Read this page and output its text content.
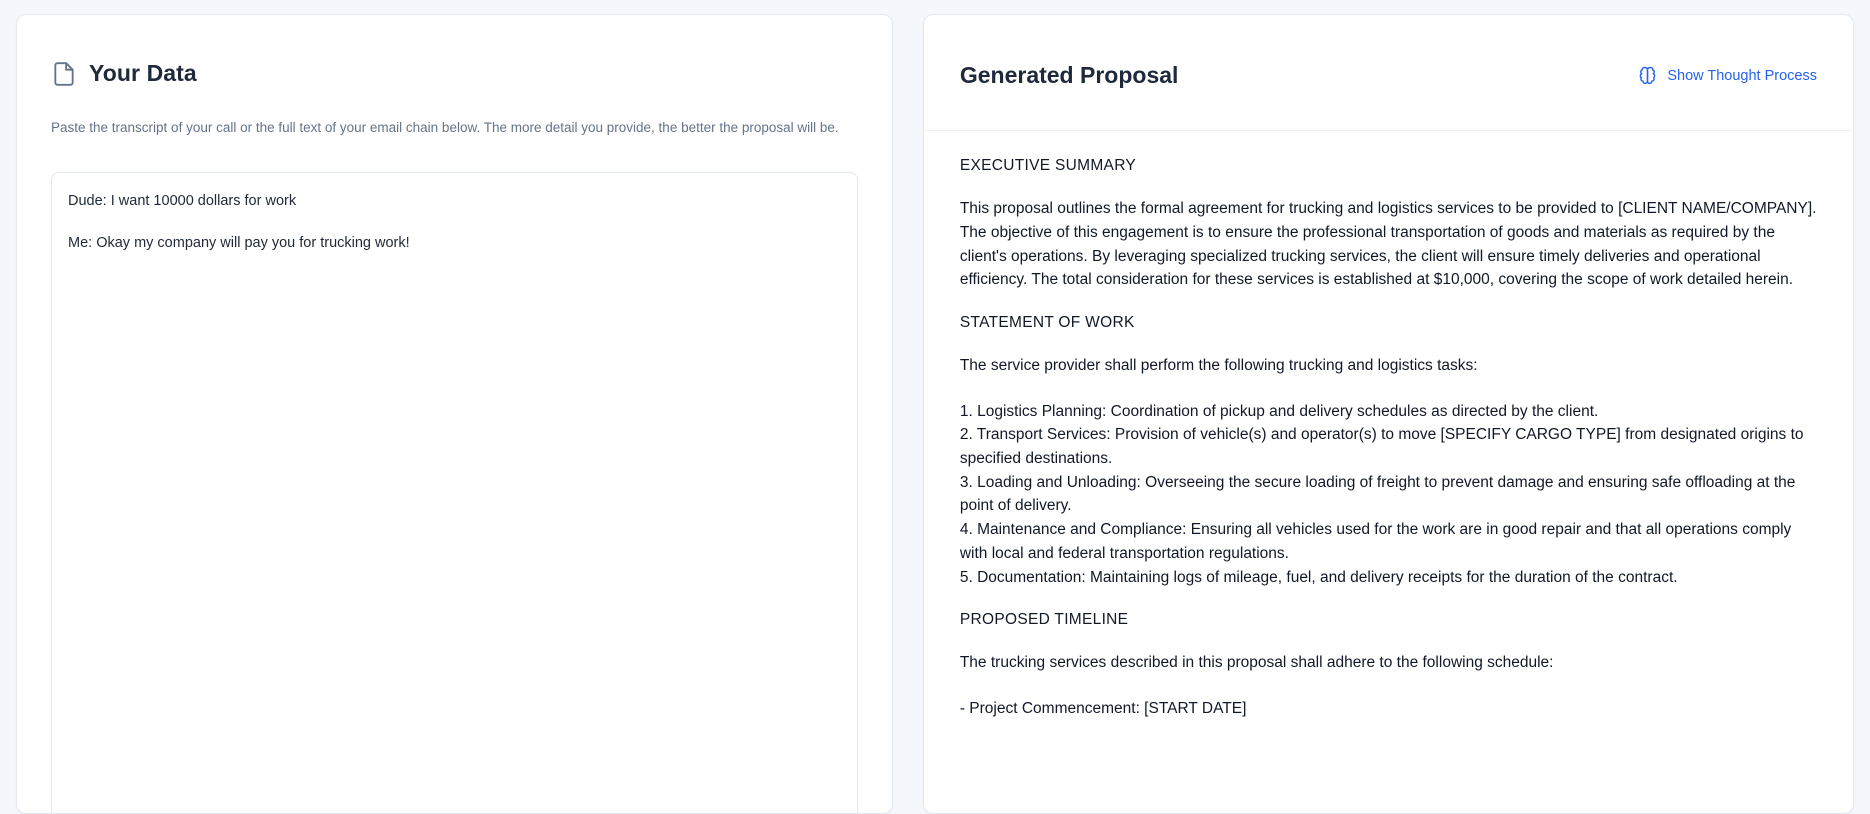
Your Data

Paste the transcript of your call or the full text of your email chain below. The more detail you provide, the better the proposal will be.

Dude: I want 10000 dollars for work

Me: Okay my company will pay you for trucking work!

Generated Proposal	Show Thought Process
EXECUTIVE SUMMARY

This proposal outlines the formal agreement for trucking and logistics services to be provided to [CLIENT NAME/COMPANY]. The objective of this engagement is to ensure the professional transportation of goods and materials as required by the client's operations. By leveraging specialized trucking services, the client will ensure timely deliveries and operational efficiency. The total consideration for these services is established at $10,000, covering the scope of work detailed herein.

STATEMENT OF WORK

The service provider shall perform the following trucking and logistics tasks:

1. Logistics Planning: Coordination of pickup and delivery schedules as directed by the client.
2. Transport Services: Provision of vehicle(s) and operator(s) to move [SPECIFY CARGO TYPE] from designated origins to specified destinations.
3. Loading and Unloading: Overseeing the secure loading of freight to prevent damage and ensuring safe offloading at the point of delivery.
4. Maintenance and Compliance: Ensuring all vehicles used for the work are in good repair and that all operations comply with local and federal transportation regulations.
5. Documentation: Maintaining logs of mileage, fuel, and delivery receipts for the duration of the contract.
PROPOSED TIMELINE

The trucking services described in this proposal shall adhere to the following schedule:

- Project Commencement: [START DATE]
